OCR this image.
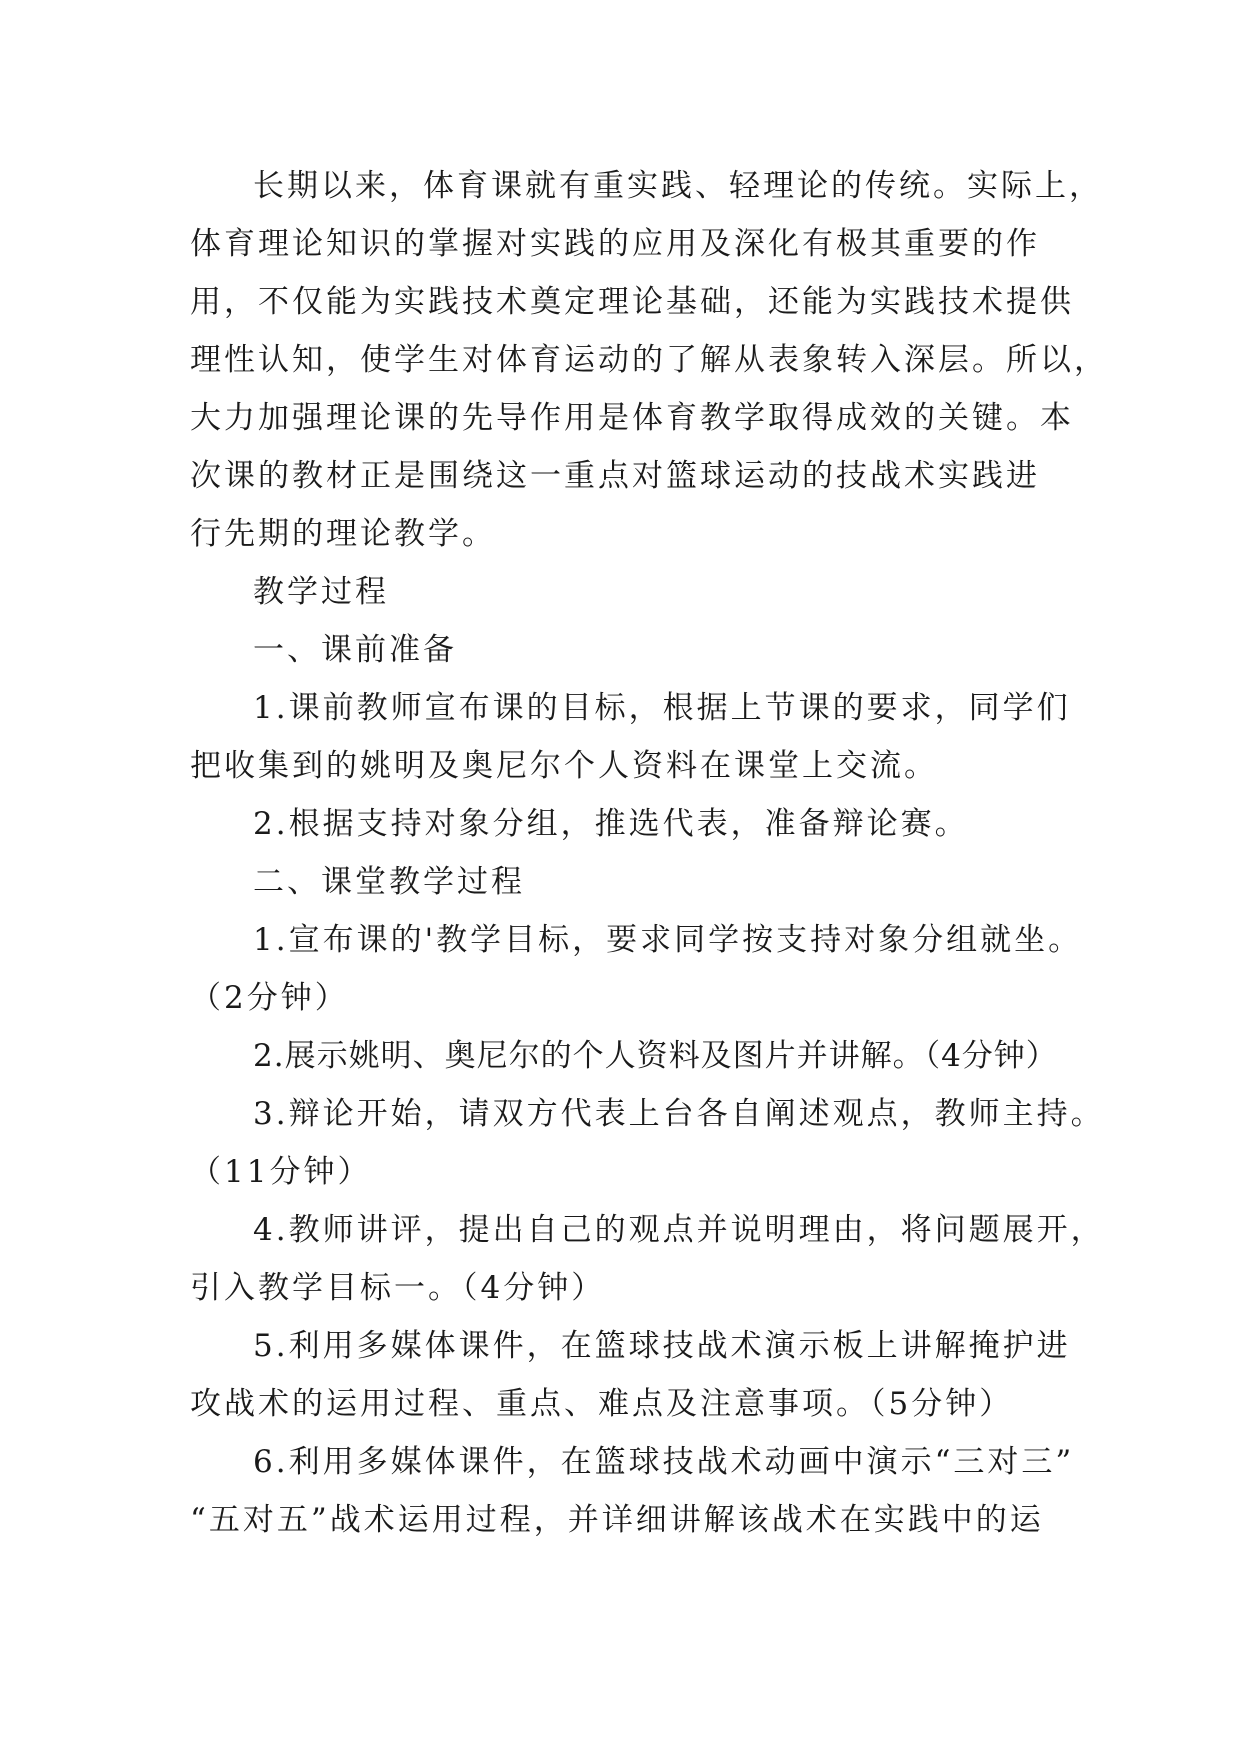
长期以来，体育课就有重实践、轻理论的传统。实际上，
体育理论知识的掌握对实践的应用及深化有极其重要的作
用，不仅能为实践技术奠定理论基础，还能为实践技术提供
理性认知，使学生对体育运动的了解从表象转入深层。所以，
大力加强理论课的先导作用是体育教学取得成效的关键。本
次课的教材正是围绕这一重点对篮球运动的技战术实践进
行先期的理论教学。
教学过程
一、课前准备
1.课前教师宣布课的目标，根据上节课的要求，同学们
把收集到的姚明及奥尼尔个人资料在课堂上交流。
2.根据支持对象分组，推选代表，准备辩论赛。
二、课堂教学过程
1.宣布课的'教学目标，要求同学按支持对象分组就坐。
（2分钟）
2.展示姚明、奥尼尔的个人资料及图片并讲解。（4分钟）
3.辩论开始，请双方代表上台各自阐述观点，教师主持。
（11分钟）
4.教师讲评，提出自己的观点并说明理由，将问题展开，
引入教学目标一。（4分钟）
5.利用多媒体课件，在篮球技战术演示板上讲解掩护进
攻战术的运用过程、重点、难点及注意事项。（5分钟）
6.利用多媒体课件，在篮球技战术动画中演示“三对三”
“五对五”战术运用过程，并详细讲解该战术在实践中的运
